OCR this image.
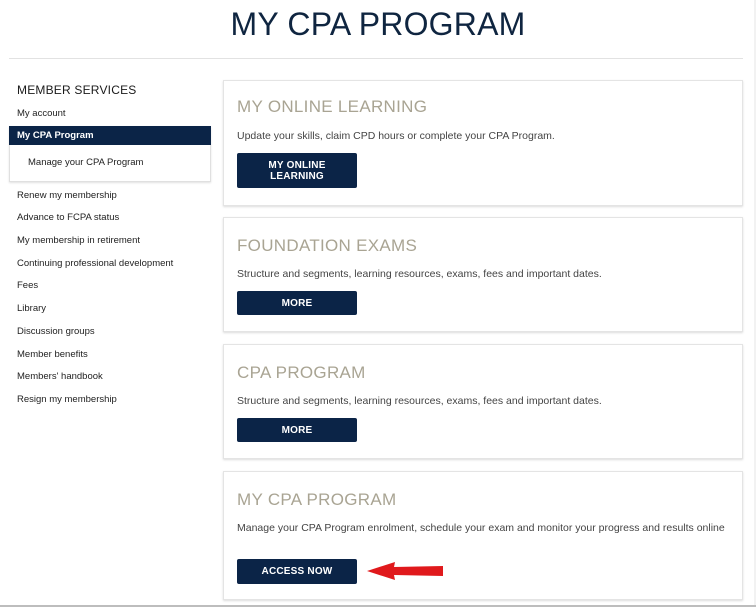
MY CPA PROGRAM
MEMBER SERVICES
My account
My CPA Program
Manage your CPA Program
Renew my membership
Advance to FCPA status
My membership in retirement
Continuing professional development
Fees
Library
Discussion groups
Member benefits
Members' handbook
Resign my membership
MY ONLINE LEARNING

Update your skills, claim CPD hours or complete your CPA Program.

MY ONLINE LEARNING
FOUNDATION EXAMS

Structure and segments, learning resources, exams, fees and important dates.

MORE
CPA PROGRAM

Structure and segments, learning resources, exams, fees and important dates.

MORE
MY CPA PROGRAM

Manage your CPA Program enrolment, schedule your exam and monitor your progress and results online

ACCESS NOW
